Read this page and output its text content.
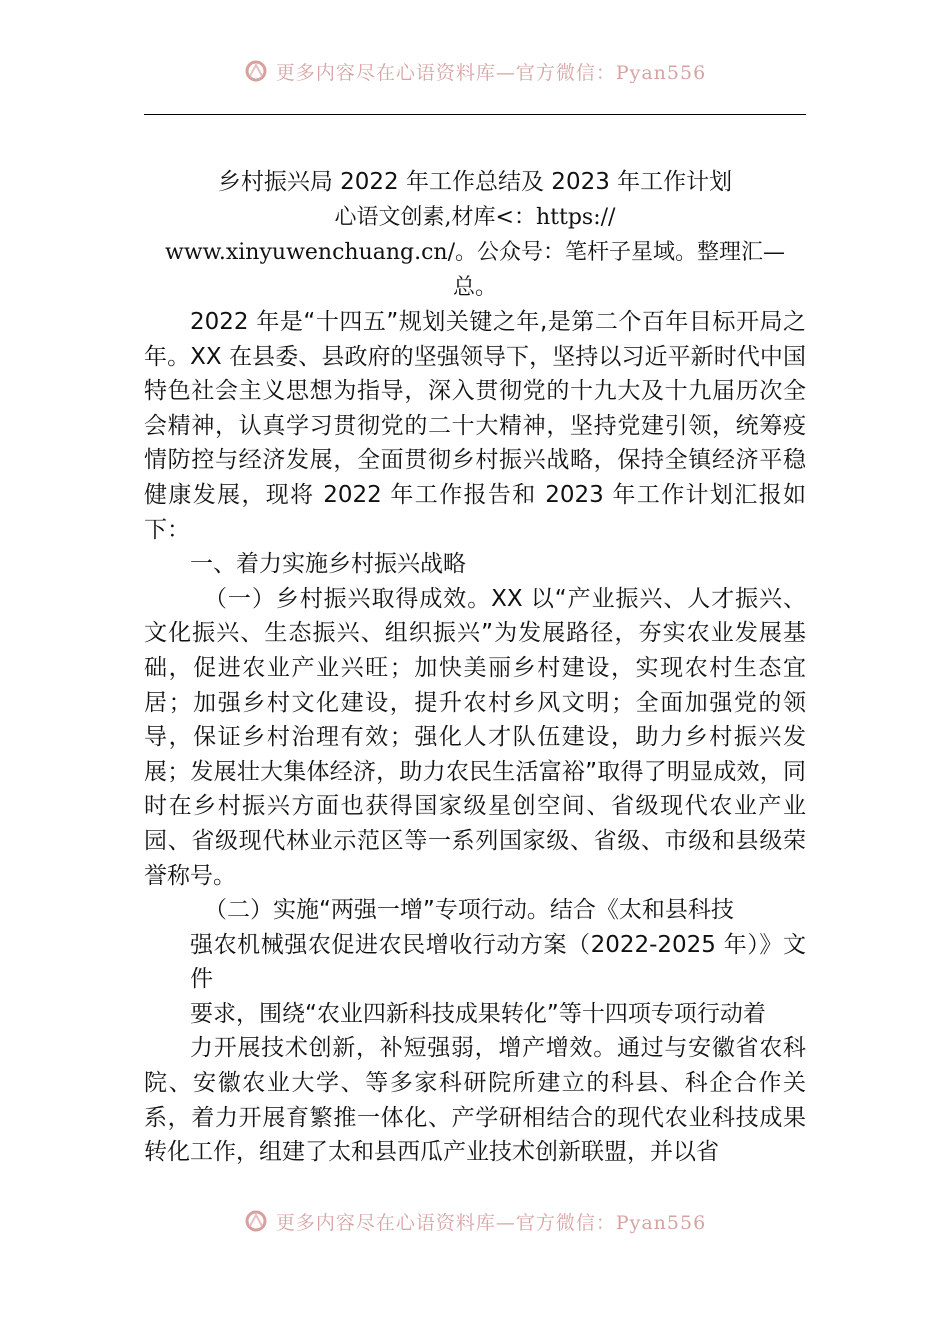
更多内容尽在心语资料库—官方微信：Pyan556

乡村振兴局 2022 年工作总结及 2023 年工作计划

心语文创素,材库<：https://

www.xinyuwenchuang.cn/。公众号：笔杆子星域。整理汇—总。

2022 年是“十四五”规划关键之年,是第二个百年目标开局之年。XX 在县委、县政府的坚强领导下，坚持以习近平新时代中国特色社会主义思想为指导，深入贯彻党的十九大及十九届历次全会精神，认真学习贯彻党的二十大精神，坚持党建引领，统筹疫情防控与经济发展，全面贯彻乡村振兴战略，保持全镇经济平稳健康发展，现将 2022 年工作报告和 2023 年工作计划汇报如下：

一、着力实施乡村振兴战略

（一）乡村振兴取得成效。XX 以“产业振兴、人才振兴、文化振兴、生态振兴、组织振兴”为发展路径，夯实农业发展基础，促进农业产业兴旺；加快美丽乡村建设，实现农村生态宜居；加强乡村文化建设，提升农村乡风文明；全面加强党的领导，保证乡村治理有效；强化人才队伍建设，助力乡村振兴发展；发展壮大集体经济，助力农民生活富裕”取得了明显成效，同时在乡村振兴方面也获得国家级星创空间、省级现代农业产业园、省级现代林业示范区等一系列国家级、省级、市级和县级荣誉称号。

（二）实施“两强一增”专项行动。结合《太和县科技

强农机械强农促进农民增收行动方案（2022-2025 年）》文件

要求，围绕“农业四新科技成果转化”等十四项专项行动着

力开展技术创新，补短强弱，增产增效。通过与安徽省农科院、安徽农业大学、等多家科研院所建立的科县、科企合作关系，着力开展育繁推一体化、产学研相结合的现代农业科技成果转化工作，组建了太和县西瓜产业技术创新联盟，并以省

更多内容尽在心语资料库—官方微信：Pyan556
